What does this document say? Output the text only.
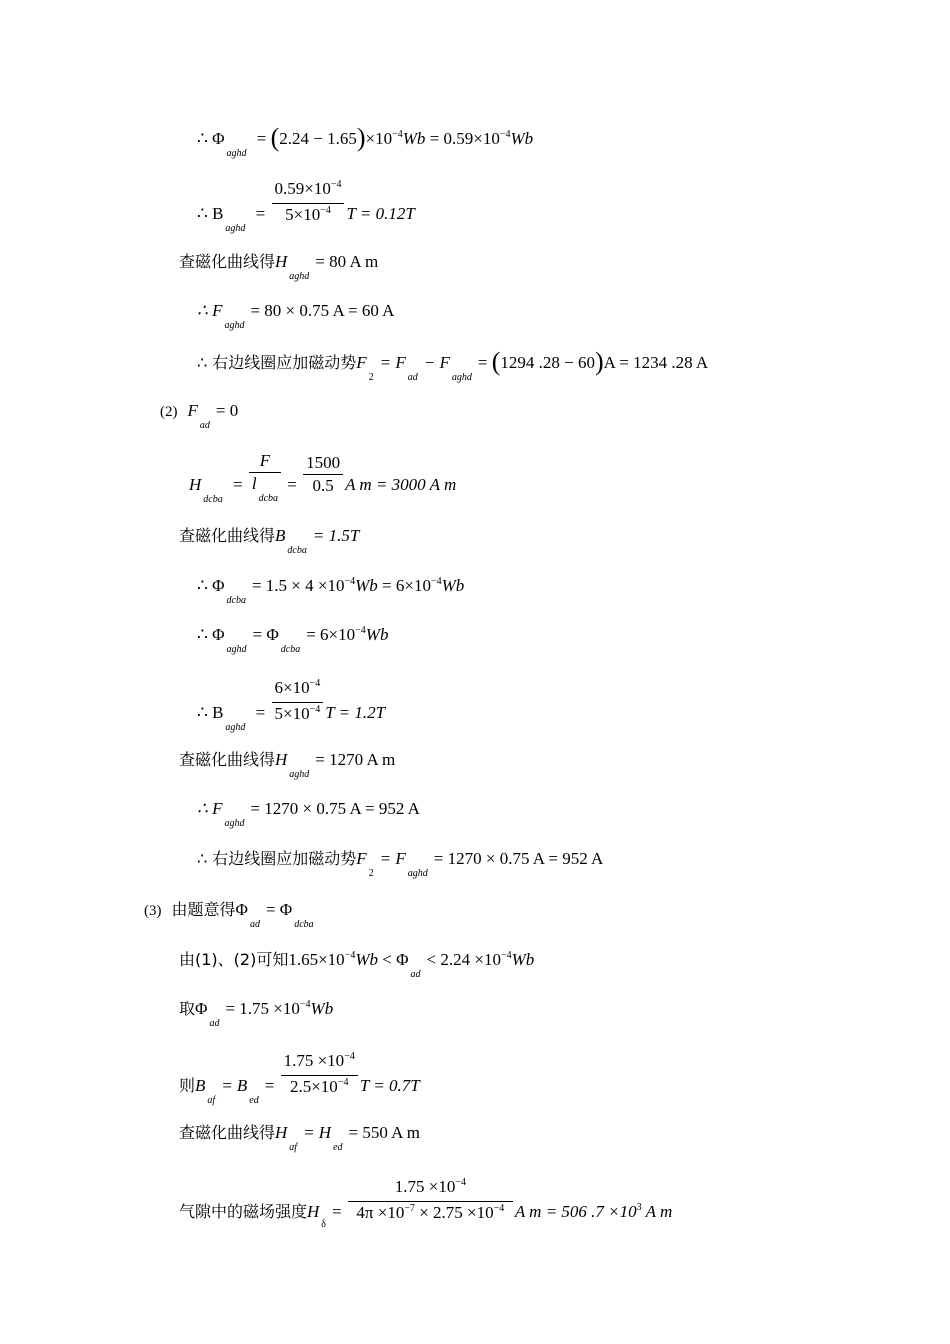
∴ $\Phi_{aghd} = (2.24 - 1.65)\times 10^{-4}Wb = 0.59\times 10^{-4}Wb$
∴ $B_{aghd} = \frac{0.59\times 10^{-4}}{5\times 10^{-4}}$ T = 0.12T
查磁化曲线得$H_{aghd}= 80$ A m
∴ $F_{aghd}= 80 \times 0.75$ A = 60 A
∴ 右边线圈应加磁动势$F_2= F_{ad}- F_{aghd}= (1294$ .28 − 60)A = 1234 .28 A
(2) $F_{ad}= 0$
$H_{dcba} = \frac{F}{l_{dcba}} = \frac{1500}{0.5}$ A m = 3000 A m
查磁化曲线得$B_{dcba}= 1.5T$
∴ $\Phi_{dcba}= 1.5 \times 4 \times 10^{-4}Wb = 6\times 10^{-4}Wb$
∴ $\Phi_{aghd}= \Phi_{dcba}= 6\times 10^{-4}Wb$
∴ $B_{aghd} = \frac{6\times 10^{-4}}{5\times 10^{-4}}$ T = 1.2T
查磁化曲线得$H_{aghd}= 1270$ A m
∴ $F_{aghd}= 1270 \times 0.75$ A = 952 A
∴ 右边线圈应加磁动势$F_2= F_{aghd}= 1270 \times 0.75$ A = 952 A
(3) 由题意得$\Phi_{ad}= \Phi_{dcba}$
由(1)、(2)可知$1.65\times 10^{-4}Wb < \Phi_{ad}< 2.24 \times 10^{-4}Wb$
取$\Phi_{ad}= 1.75 \times 10^{-4}Wb$
则$B_{af}= B_{ed}= \frac{1.75 \times 10^{-4}}{2.5\times 10^{-4}}$ T = 0.7T
查磁化曲线得$H_{af}= H_{ed}= 550$ A m
气隙中的磁场强度$H_\delta= \frac{1.75 \times 10^{-4}}{4\pi \times 10^{-7} \times 2.75 \times 10^{-4}}$ A m = 506 $.7 \times 10_3$ A m
